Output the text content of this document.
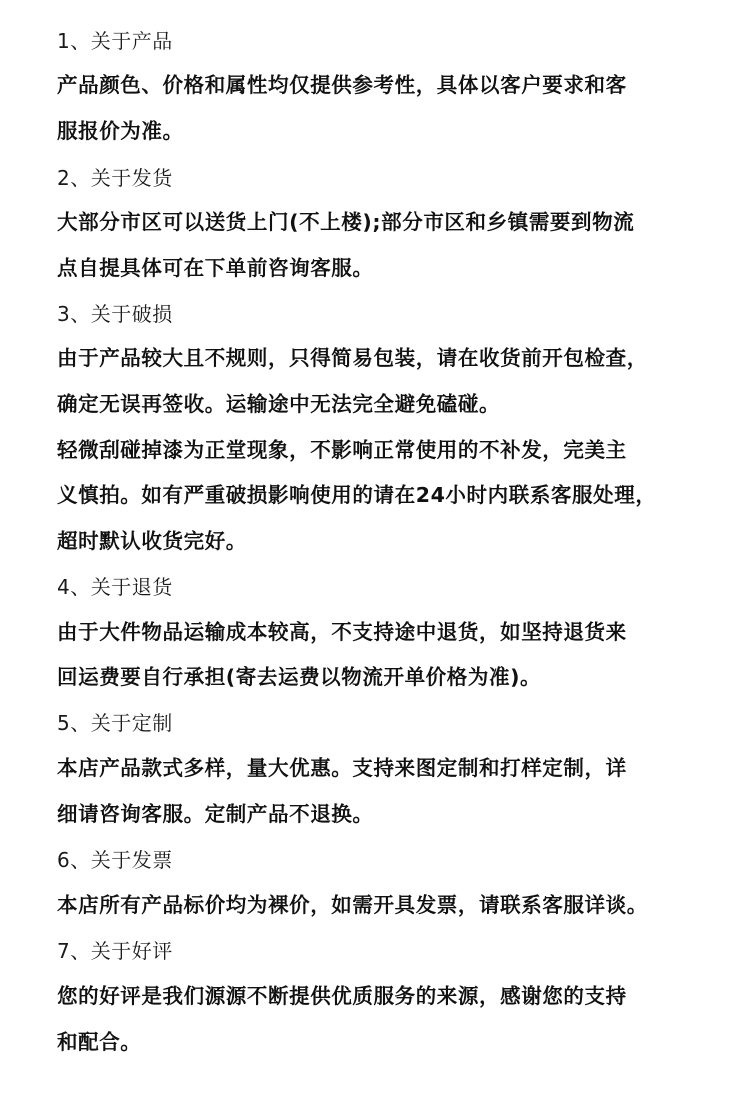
1、关于产品
产品颜色、价格和属性均仅提供参考性，具体以客户要求和客
服报价为准。
2、关于发货
大部分市区可以送货上门(不上楼);部分市区和乡镇需要到物流
点自提具体可在下单前咨询客服。
3、关于破损
由于产品较大且不规则，只得简易包装，请在收货前开包检查，
确定无误再签收。运输途中无法完全避免磕碰。
轻微刮碰掉漆为正堂现象，不影响正常使用的不补发，完美主
义慎拍。如有严重破损影响使用的请在24小时内联系客服处理，
超时默认收货完好。
4、关于退货
由于大件物品运输成本较高，不支持途中退货，如坚持退货来
回运费要自行承担(寄去运费以物流开单价格为准)。
5、关于定制
本店产品款式多样，量大优惠。支持来图定制和打样定制，详
细请咨询客服。定制产品不退换。
6、关于发票
本店所有产品标价均为裸价，如需开具发票，请联系客服详谈。
7、关于好评
您的好评是我们源源不断提供优质服务的来源，感谢您的支持
和配合。
